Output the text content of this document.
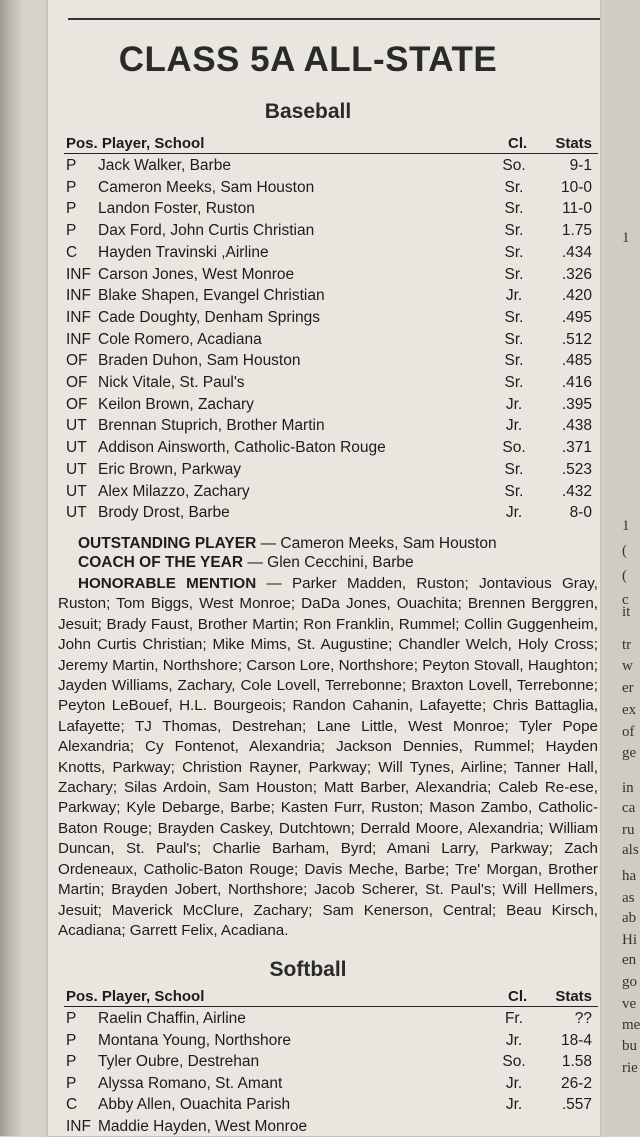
CLASS 5A ALL-STATE
Baseball
Pos. Player, School	Cl. Stats
P Jack Walker, Barbe	So.	9-1
P Cameron Meeks, Sam Houston	Sr.	10-0
P Landon Foster, Ruston	Sr.	11-0
P Dax Ford, John Curtis Christian	Sr.	1.75
C Hayden Travinski ,Airline	Sr.	.434
INF Carson Jones, West Monroe	Sr.	.326
INF Blake Shapen, Evangel Christian	Jr.	.420
INF Cade Doughty, Denham Springs	Sr.	.495
INF Cole Romero, Acadiana	Sr.	.512
OF Braden Duhon, Sam Houston	Sr.	.485
OF Nick Vitale, St. Paul's	Sr.	.416
OF Keilon Brown, Zachary	Jr.	.395
UT Brennan Stuprich, Brother Martin	Jr.	.438
UT Addison Ainsworth, Catholic-Baton Rouge	So.	.371
UT Eric Brown, Parkway	Sr.	.523
UT Alex Milazzo, Zachary	Sr.	.432
UT Brody Drost, Barbe	Jr.	8-0
OUTSTANDING PLAYER — Cameron Meeks, Sam Houston
COACH OF THE YEAR — Glen Cecchini, Barbe
HONORABLE MENTION — Parker Madden, Ruston; Jontavious Gray, Ruston; Tom Biggs, West Monroe; DaDa Jones, Ouachita; Brennen Berggren, Jesuit; Brady Faust, Brother Martin; Ron Franklin, Rummel; Collin Guggenheim, John Curtis Christian; Mike Mims, St. Augustine; Chandler Welch, Holy Cross; Jeremy Martin, Northshore; Carson Lore, Northshore; Peyton Stovall, Haughton; Jayden Williams, Zachary, Cole Lovell, Terrebonne; Braxton Lovell, Terrebonne; Peyton LeBouef, H.L. Bourgeois; Randon Cahanin, Lafayette; Chris Battaglia, Lafayette; TJ Thomas, Destrehan; Lane Little, West Monroe; Tyler Pope Alexandria; Cy Fontenot, Alexandria; Jackson Dennies, Rummel; Hayden Knotts, Parkway; Christion Rayner, Parkway; Will Tynes, Airline; Tanner Hall, Zachary; Silas Ardoin, Sam Houston; Matt Barber, Alexandria; Caleb Re-ese, Parkway; Kyle Debarge, Barbe; Kasten Furr, Ruston; Mason Zambo, Catholic-Baton Rouge; Brayden Caskey, Dutchtown; Derrald Moore, Alexandria; William Duncan, St. Paul's; Charlie Barham, Byrd; Amani Larry, Parkway; Zach Ordeneaux, Catholic-Baton Rouge; Davis Meche, Barbe; Tre' Morgan, Brother Martin; Brayden Jobert, Northshore; Jacob Scherer, St. Paul's; Will Hellmers, Jesuit; Maverick McClure, Zachary; Sam Kenerson, Central; Beau Kirsch, Acadiana; Garrett Felix, Acadiana.
Softball
Pos. Player, School	Cl. Stats
P Raelin Chaffin, Airline	Fr.	??
P Montana Young, Northshore	Jr.	18-4
P Tyler Oubre, Destrehan	So.	1.58
P Alyssa Romano, St. Amant	Jr.	26-2
C Abby Allen, Ouachita Parish	Jr.	.557
INF Maddie Hayden, West Monroe
1
1
(
(
c
it
tr
w
er
ex
of
ge
in
ca
ru
als
ha
as
ab
Hi
en
go
ve
me
bu
rie
